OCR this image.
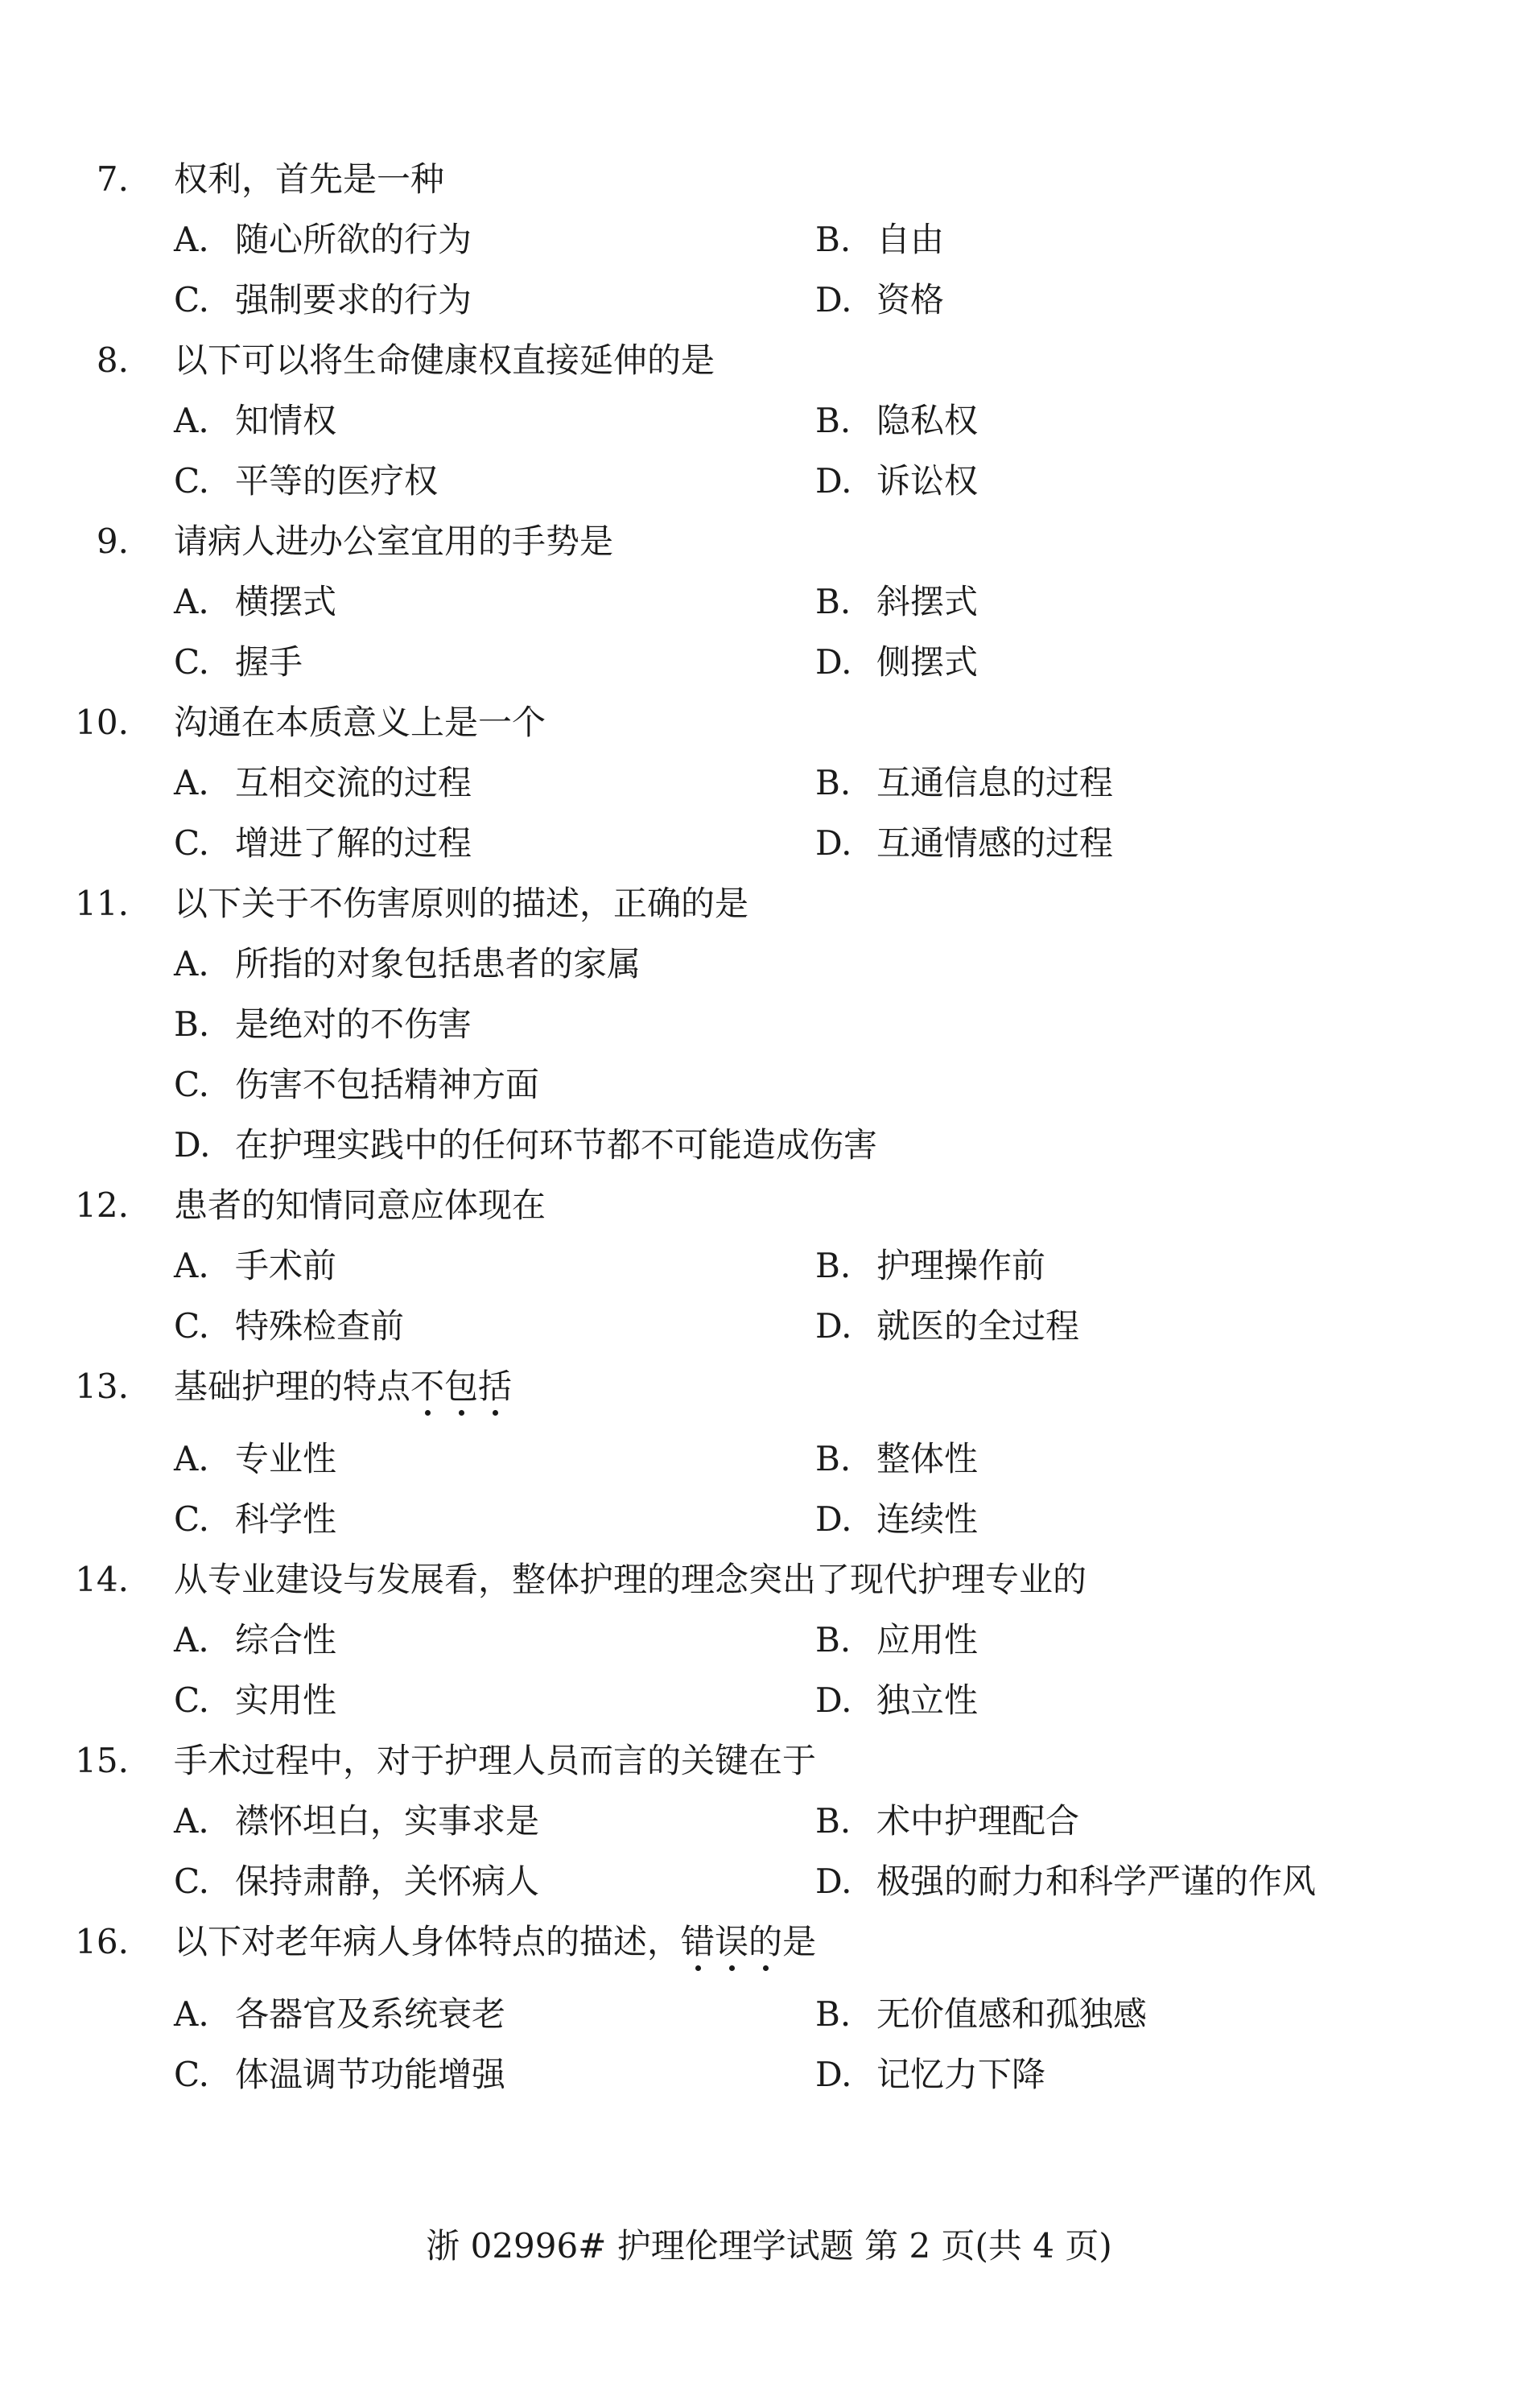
7. 权利，首先是一种
A. 随心所欲的行为	B. 自由
C. 强制要求的行为	D. 资格
8. 以下可以将生命健康权直接延伸的是
A. 知情权	B. 隐私权
C. 平等的医疗权	D. 诉讼权
9. 请病人进办公室宜用的手势是
A. 横摆式	B. 斜摆式
C. 握手	D. 侧摆式
10. 沟通在本质意义上是一个
A. 互相交流的过程	B. 互通信息的过程
C. 增进了解的过程	D. 互通情感的过程
11. 以下关于不伤害原则的描述，正确的是
A. 所指的对象包括患者的家属
B. 是绝对的不伤害
C. 伤害不包括精神方面
D. 在护理实践中的任何环节都不可能造成伤害
12. 患者的知情同意应体现在
A. 手术前	B. 护理操作前
C. 特殊检查前	D. 就医的全过程
13. 基础护理的特点不包括
A. 专业性	B. 整体性
C. 科学性	D. 连续性
14. 从专业建设与发展看，整体护理的理念突出了现代护理专业的
A. 综合性	B. 应用性
C. 实用性	D. 独立性
15. 手术过程中，对于护理人员而言的关键在于
A. 襟怀坦白，实事求是	B. 术中护理配合
C. 保持肃静，关怀病人	D. 极强的耐力和科学严谨的作风
16. 以下对老年病人身体特点的描述，错误的是
A. 各器官及系统衰老	B. 无价值感和孤独感
C. 体温调节功能增强	D. 记忆力下降
浙 02996# 护理伦理学试题 第 2 页(共 4 页)
